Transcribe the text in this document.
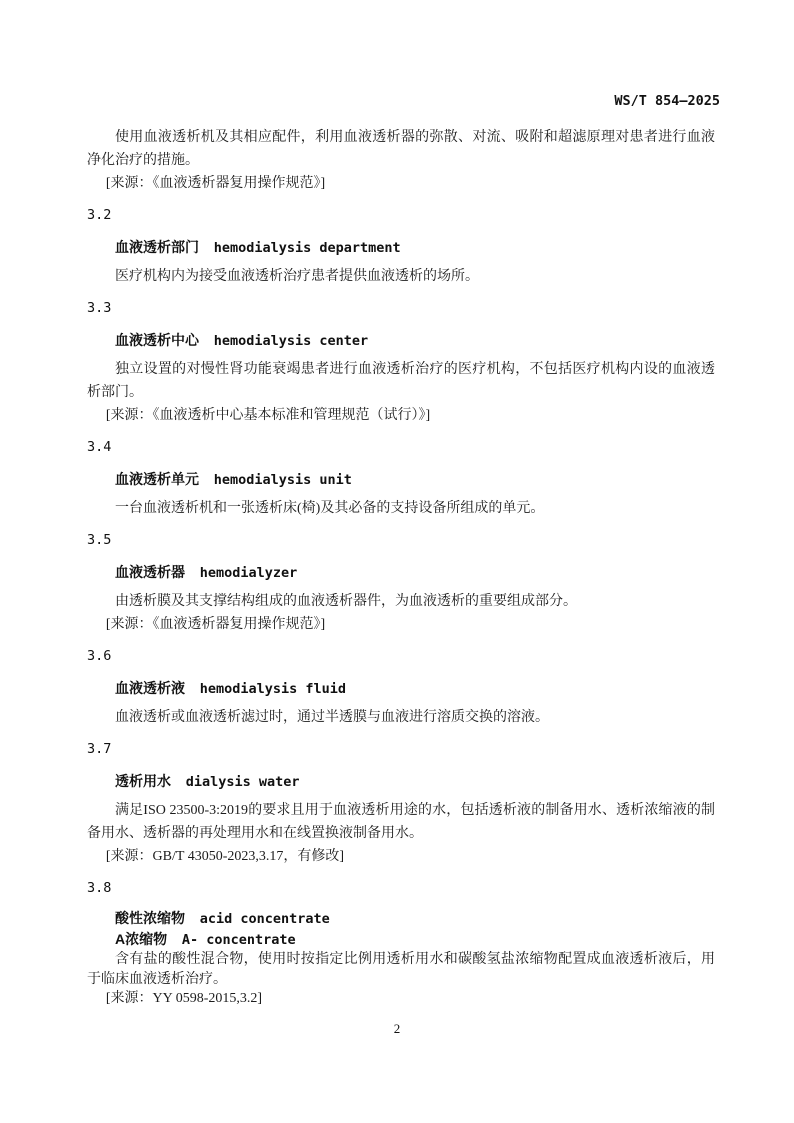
WS/T 854—2025

使用血液透析机及其相应配件，利用血液透析器的弥散、对流、吸附和超滤原理对患者进行血液净化治疗的措施。

[来源：《血液透析器复用操作规范》]

3.2

血液透析部门 hemodialysis department

医疗机构内为接受血液透析治疗患者提供血液透析的场所。

3.3

血液透析中心 hemodialysis center

独立设置的对慢性肾功能衰竭患者进行血液透析治疗的医疗机构，不包括医疗机构内设的血液透析部门。

[来源：《血液透析中心基本标准和管理规范（试行）》]

3.4

血液透析单元 hemodialysis unit

一台血液透析机和一张透析床(椅)及其必备的支持设备所组成的单元。

3.5

血液透析器 hemodialyzer

由透析膜及其支撑结构组成的血液透析器件，为血液透析的重要组成部分。

[来源：《血液透析器复用操作规范》]

3.6

血液透析液 hemodialysis fluid

血液透析或血液透析滤过时，通过半透膜与血液进行溶质交换的溶液。

3.7

透析用水 dialysis water

满足ISO 23500-3:2019的要求且用于血液透析用途的水，包括透析液的制备用水、透析浓缩液的制备用水、透析器的再处理用水和在线置换液制备用水。

[来源：GB/T 43050-2023,3.17，有修改]

3.8

酸性浓缩物 acid concentrate

A浓缩物 A- concentrate

含有盐的酸性混合物，使用时按指定比例用透析用水和碳酸氢盐浓缩物配置成血液透析液后，用于临床血液透析治疗。

[来源：YY 0598-2015,3.2]

2
